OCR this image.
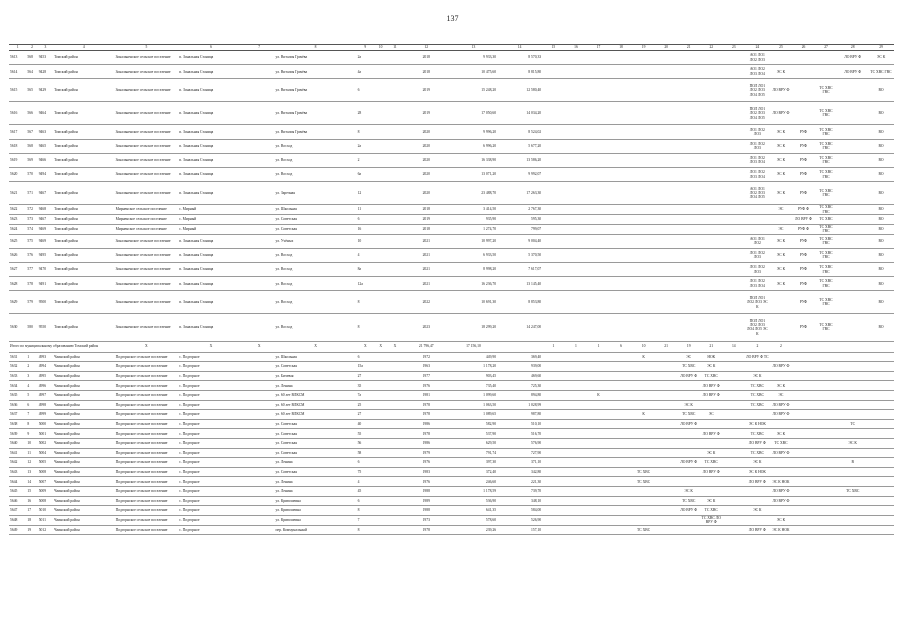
137
1	2	3	4	5	6	7	8	9	10	11	12	13	14	15	16	17	18	19	20	21	22	23	24	25	26	27	28	29
5613	568	9453	Томский район	Зональненское сельское поселение	п. Зональная Станица		ул. Виталия Грачёва	2а			2018	9 933,30	8 570,33										АО1 ЛО1 ЛО2 ЛО3				ЛО ВРУ Ф	ЭС К
5614	564	9428	Томский район	Зональненское сельское поселение	п. Зональная Станица		ул. Виталия Грачёва	4а			2018	10 475,60	8 815,80										АО1 ЛО2 ЛО3 ЛО4	ЭС К			ЛО ВРУ Ф	ТС ХВС ГВС
5615	565	9429	Томский район	Зональненское сельское поселение	п. Зональная Станица		ул. Виталия Грачёва	6			2019	15 248,20	12 580,40										ПОЛ ЛО1 ЛО2 ЛО3 ЛО4 ЛО5	ЛО ВРУ Ф		ТС ХВС ГВС		ВО
5616	566	9464	Томский район	Зональненское сельское поселение	п. Зональная Станица		ул. Виталия Грачёва	28			2019	17 050,60	14 034,20										ПОЛ ЛО1 ЛО2 ЛО3 ЛО4 ЛО5	ЛО ВРУ Ф		ТС ХВС ГВС		ВО
5617	567	9463	Томский район	Зональненское сельское поселение	п. Зональная Станица		ул. Виталия Грачёва	8			2020	9 996,20	8 524,02										ЛО1 ЛО2 ЛО3	ЭС К	РУФ	ТС ХВС ГВС		ВО
5618	568	9465	Томский район	Зональненское сельское поселение	п. Зональная Станица		ул. Восход	2а			2020	6 996,20	5 677,20										ЛО1 ЛО2 ЛО3	ЭС К	РУФ	ТС ХВС ГВС		ВО
5619	569	9466	Томский район	Зональненское сельское поселение	п. Зональная Станица		ул. Восход	2			2020	16 338,90	13 586,20										ЛО1 ЛО2 ЛО3 ЛО4	ЭС К	РУФ	ТС ХВС ГВС		ВО
5620	570	9494	Томский район	Зональненское сельское поселение	п. Зональная Станица		ул. Восход	6а			2020	13 071,20	9 992,07										ЛО1 ЛО2 ЛО3 ЛО4	ЭС К	РУФ	ТС ХВС ГВС		ВО
5621	571	9467	Томский район	Зональненское сельское поселение	п. Зональная Станица		ул. Заречная	12			2020	23 488,70	17 263,30										АО1 ЛО1 ЛО2 ЛО3 ЛО4 ЛО5	ЭС К	РУФ	ТС ХВС ГВС		ВО
5622	572	9468	Томский район	Мирненское сельское поселение	с. Мирный		ул. Школьная	11			2018	3 414,50	2 767,30											ЭС	РУФ Ф	ТС ХВС ГВС		ВО
5623	573	9467	Томский район	Мирненское сельское поселение	с. Мирный		ул. Советская	6			2019	935,90	595,30												ЛО ВРУ Ф	ТС ХВС		ВО
5624	574	9469	Томский район	Мирненское сельское поселение	с. Мирный		ул. Советская	16			2018	1 274,70	799,07											ЭС	РУФ Ф	ТС ХВС ГВС		ВО
5625	575	9469	Томский район	Зональненское сельское поселение	п. Зональная Станица		ул. Учёных	10			2021	10 997,20	9 004,40										АО1 ЛО1 ЛО2	ЭС К	РУФ	ТС ХВС ГВС		ВО
5626	576	9495	Томский район	Зональненское сельское поселение	п. Зональная Станица		ул. Восход	4			2021	6 933,50	5 370,50										ЛО1 ЛО2 ЛО3	ЭС К	РУФ	ТС ХВС ГВС		ВО
5627	577	9470	Томский район	Зональненское сельское поселение	п. Зональная Станица		ул. Восход	8а			2021	8 998,20	7 617,07										ЛО1 ЛО2 ЛО3	ЭС К	РУФ	ТС ХВС ГВС		ВО
5628	578	9491	Томский район	Зональненское сельское поселение	п. Зональная Станица		ул. Восход	12а			2021	16 236,70	13 145,40										ЛО1 ЛО2 ЛО3 ЛО4	ЭС К	РУФ	ТС ХВС ГВС		ВО
5629	579	9500	Томский район	Зональненское сельское поселение	п. Зональная Станица		ул. Восход	8			2022	10 691,30	8 853,80										ПОЛ ЛО1 ЛО2 ЛО3 ЭС К		РУФ	ТС ХВС ГВС		ВО
5630	580	9550	Томский район	Зональненское сельское поселение	п. Зональная Станица		ул. Восход	8			2023	18 299,20	14 247,00										ПОЛ ЛО1 ЛО2 ЛО3 ЛО4 ЛО5 ЭС К		РУФ	ТС ХВС ГВС		ВО
Итого по муниципальному образованию Томский район				Х	Х	Х	Х	Х	Х	Х	21 796,47	17 156,10		1	1	1	6	10	21	19	21	14	2	2				
5631	1	4993	Чаинский район	Подгорнское сельское поселение	с. Подгорное		ул. Школьная	6			1972	449,90	369,40					К		ЭС	НОК		ЛО ВРУ Ф ТС					
5632	2	4994	Чаинский район	Подгорнское сельское поселение	с. Подгорное		ул. Советская	15а			1963	1 178,20	939,00							ТС ХВС	ЭС К			ЛО ВРУ Ф				
5633	3	4995	Чаинский район	Подгорнское сельское поселение	с. Подгорное		ул. Бичевая	27			1977	903,45	469,60							ЛО ВРУ Ф	ТС ХВС		ЭС К					
5634	4	4996	Чаинский район	Подгорнское сельское поселение	с. Подгорное		ул. Ленина	35			1976	735,40	725,30								ЛО ВРУ Ф		ТС ХВС	ЭС К				
5635	5	4997	Чаинский район	Подгорнское сельское поселение	с. Подгорное		ул. 60 лет ВЛКСМ	7а			1981	1 099,60	894,80			К					ЛО ВРУ Ф		ТС ХВС	ЭС				
5636	6	4998	Чаинский район	Подгорнское сельское поселение	с. Подгорное		ул. 60 лет ВЛКСМ	25			1978	1 063,50	1 028,99							ЭС К			ТС ХВС	ЛО ВРУ Ф				
5637	7	4999	Чаинский район	Подгорнское сельское поселение	с. Подгорное		ул. 60 лет ВЛКСМ	27			1978	1 089,65	987,80					К		ТС ХВС	ЭС			ЛО ВРУ Ф				
5638	8	5000	Чаинский район	Подгорнское сельское поселение	с. Подгорное		ул. Советская	40			1986	582,90	510,10							ЛО ВРУ Ф			ЭС К НОК				ТС	
5639	9	5001	Чаинский район	Подгорнское сельское поселение	с. Подгорное		ул. Советская	55			1978	537,90	516,70								ЛО ВРУ Ф		ТС ХВС	ЭС К				
5640	10	5002	Чаинский район	Подгорнское сельское поселение	с. Подгорное		ул. Советская	56			1986	629,50	576,90										ЛО ВРУ Ф	ТС ХВС			ЭС К	
5641	11	5004	Чаинский район	Подгорнское сельское поселение	с. Подгорное		ул. Советская	58			1979	791,74	727,90								ЭС К		ТС ХВС	ЛО ВРУ Ф				
5642	12	5005	Чаинский район	Подгорнское сельское поселение	с. Подгорное		ул. Ленина	6			1976	397,30	371,10							ЛО ВРУ Ф	ТС ХВС		ЭС К				В	
5643	13	5008	Чаинский район	Подгорнское сельское поселение	с. Подгорное		ул. Советская	75			1983	372,40	342,80					ТС ХВС			ЛО ВРУ Ф		ЭС К НОК					
5644	14	5007	Чаинский район	Подгорнское сельское поселение	с. Подгорное		ул. Ленина	4			1976	246,60	221,30					ТС ХВС					ЛО ВРУ Ф	ЭС К НОК				
5645	15	5009	Чаинский район	Подгорнское сельское поселение	с. Подгорное		ул. Ленина	45			1988	1 178,59	739,70							ЭС К				ЛО ВРУ Ф			ТС ХВС	
5646	16	5008	Чаинский район	Подгорнское сельское поселение	с. Подгорное		ул. Кривошеина	6			1989	536,90	348,10							ТС ХВС	ЭС К			ЛО ВРУ Ф				
5647	17	5010	Чаинский район	Подгорнское сельское поселение	с. Подгорное		ул. Кривошеина	8			1988	641,35	584,00							ЛО ВРУ Ф	ТС ХВС		ЭС К					
5648	18	5011	Чаинский район	Подгорнское сельское поселение	с. Подгорное		ул. Кривошеина	7			1973	578,60	526,90								ТС ХВС ЛО ВРУ Ф			ЭС К				
5649	19	5012	Чаинский район	Подгорнское сельское поселение	с. Подгорное		пер. Коммунальный	8			1978	239,26	157,10					ТС ХВС					ЛО ВРУ Ф	ЭС К НОК				
